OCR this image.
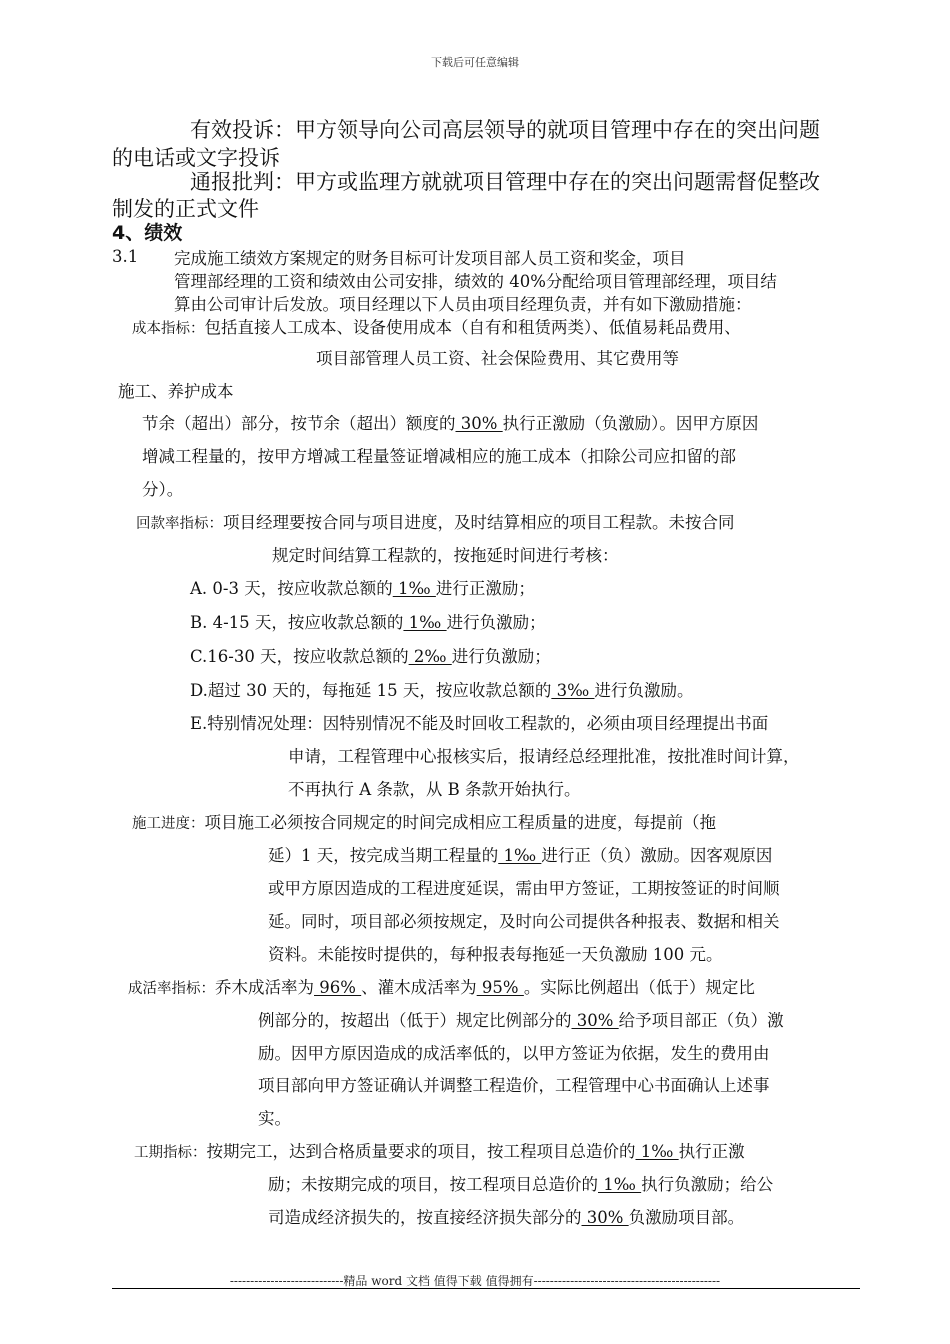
下载后可任意编辑
有效投诉：甲方领导向公司高层领导的就项目管理中存在的突出问题
的电话或文字投诉
通报批判：甲方或监理方就就项目管理中存在的突出问题需督促整改
制发的正式文件
4、绩效
3.1 完成施工绩效方案规定的财务目标可计发项目部人员工资和奖金，项目
管理部经理的工资和绩效由公司安排，绩效的 40%分配给项目管理部经理，项目结
算由公司审计后发放。项目经理以下人员由项目经理负责，并有如下激励措施：
成本指标：包括直接人工成本、设备使用成本（自有和租赁两类）、低值易耗品费用、
项目部管理人员工资、社会保险费用、其它费用等
施工、养护成本
节余（超出）部分，按节余（超出）额度的 30% 执行正激励（负激励）。因甲方原因
增减工程量的，按甲方增减工程量签证增减相应的施工成本（扣除公司应扣留的部
分）。
回款率指标：项目经理要按合同与项目进度，及时结算相应的项目工程款。未按合同
规定时间结算工程款的，按拖延时间进行考核：
A. 0-3 天，按应收款总额的 1‰ 进行正激励；
B. 4-15 天，按应收款总额的 1‰ 进行负激励；
C.16-30 天，按应收款总额的 2‰ 进行负激励；
D.超过 30 天的，每拖延 15 天，按应收款总额的 3‰ 进行负激励。
E.特别情况处理：因特别情况不能及时回收工程款的，必须由项目经理提出书面
申请，工程管理中心报核实后，报请经总经理批准，按批准时间计算，
不再执行 A 条款，从 B 条款开始执行。
施工进度：项目施工必须按合同规定的时间完成相应工程质量的进度，每提前（拖
延）1 天，按完成当期工程量的 1‰ 进行正（负）激励。因客观原因
或甲方原因造成的工程进度延误，需由甲方签证，工期按签证的时间顺
延。同时，项目部必须按规定，及时向公司提供各种报表、数据和相关
资料。未能按时提供的，每种报表每拖延一天负激励 100 元。
成活率指标：乔木成活率为 96% 、灌木成活率为 95% 。实际比例超出（低于）规定比
例部分的，按超出（低于）规定比例部分的 30% 给予项目部正（负）激
励。因甲方原因造成的成活率低的，以甲方签证为依据，发生的费用由
项目部向甲方签证确认并调整工程造价，工程管理中心书面确认上述事
实。
工期指标：按期完工，达到合格质量要求的项目，按工程项目总造价的 1‰ 执行正激
励；未按期完成的项目，按工程项目总造价的 1‰ 执行负激励；给公
司造成经济损失的，按直接经济损失部分的 30% 负激励项目部。
----------------------------精品 word 文档 值得下载 值得拥有----------------------------------------------
